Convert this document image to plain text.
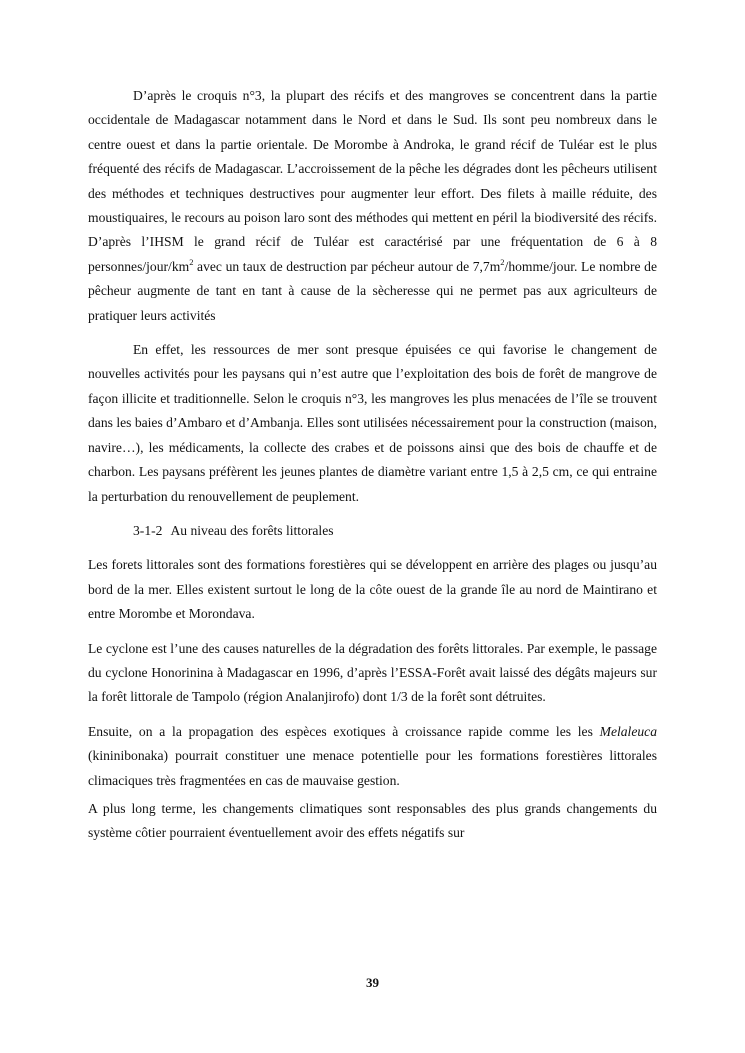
D’après le croquis n°3, la plupart des récifs et des mangroves se concentrent dans la partie occidentale de Madagascar notamment dans le Nord et dans le Sud. Ils sont peu nombreux dans le centre ouest et dans la partie orientale. De Morombe à Androka, le grand récif de Tuléar est le plus fréquenté des récifs de Madagascar. L’accroissement de la pêche les dégrades dont les pêcheurs utilisent des méthodes et techniques destructives pour augmenter leur effort. Des filets à maille réduite, des moustiquaires, le recours au poison laro sont des méthodes qui mettent en péril la biodiversité des récifs. D’après l’IHSM le grand récif de Tuléar est caractérisé par une fréquentation de 6 à 8 personnes/$jour/km^2$ avec un taux de destruction par pécheur autour de $7,7m^2/homme$/jour. Le nombre de pêcheur augmente de tant en tant à cause de la sècheresse qui ne permet pas aux agriculteurs de pratiquer leurs activités

En effet, les ressources de mer sont presque épuisées ce qui favorise le changement de nouvelles activités pour les paysans qui n’est autre que l’exploitation des bois de forêt de mangrove de façon illicite et traditionnelle. Selon le croquis n°3, les mangroves les plus menacées de l’île se trouvent dans les baies d’Ambaro et d’Ambanja. Elles sont utilisées nécessairement pour la construction (maison, navire…), les médicaments, la collecte des crabes et de poissons ainsi que des bois de chauffe et de charbon. Les paysans préfèrent les jeunes plantes de diamètre variant entre 1,5 à 2,5 cm, ce qui entraine la perturbation du renouvellement de peuplement.

3-1-2 Au niveau des forêts littorales

Les forets littorales sont des formations forestières qui se développent en arrière des plages ou jusqu’au bord de la mer. Elles existent surtout le long de la côte ouest de la grande île au nord de Maintirano et entre Morombe et Morondava.

Le cyclone est l’une des causes naturelles de la dégradation des forêts littorales. Par exemple, le passage du cyclone Honorinina à Madagascar en 1996, d’après l’ESSA-Forêt avait laissé des dégâts majeurs sur la forêt littorale de Tampolo (région Analanjirofo) dont 1/3 de la forêt sont détruites.

Ensuite, on a la propagation des espèces exotiques à croissance rapide comme les les Melaleuca (kininibonaka) pourrait constituer une menace potentielle pour les formations forestières littorales climaciques très fragmentées en cas de mauvaise gestion.

A plus long terme, les changements climatiques sont responsables des plus grands changements du système côtier pourraient éventuellement avoir des effets négatifs sur

39
